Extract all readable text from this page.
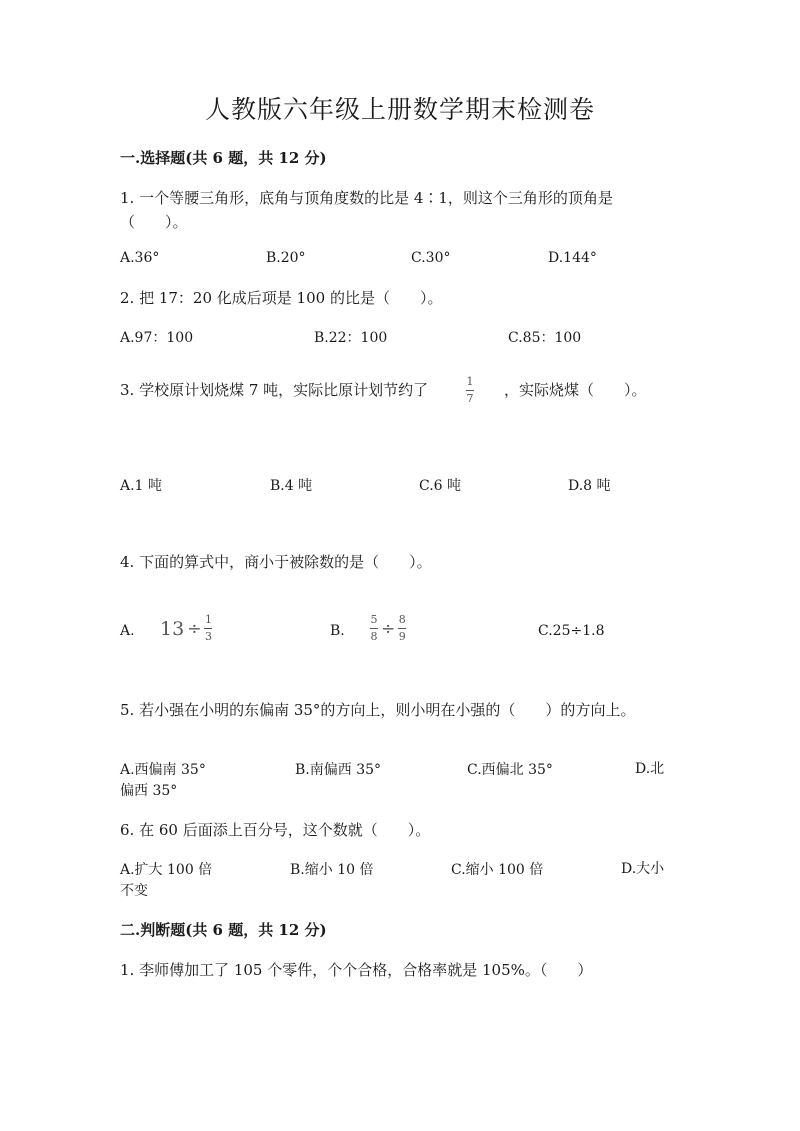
人教版六年级上册数学期末检测卷
一.选择题(共 6 题，共 12 分)
1. 一个等腰三角形，底角与顶角度数的比是 4∶1，则这个三角形的顶角是（　　）。
A.36°	B.20°	C.30°	D.144°
2. 把 17：20 化成后项是 100 的比是（　　）。
A.97：100	B.22：100	C.85：100
3. 学校原计划烧煤 7 吨，实际比原计划节约了	1
7 ，实际烧煤（　　）。
A.1 吨	B.4 吨	C.6 吨	D.8 吨
4. 下面的算式中，商小于被除数的是（　　）。
A. $13 \div \frac{1}{3}$	B. $\frac{5}{8} \div \frac{8}{9}$	C.25÷1.8
5. 若小强在小明的东偏南 35°的方向上，则小明在小强的（　　）的方向上。
A.西偏南 35°	B.南偏西 35°	C.西偏北 35°	D.北偏西 35°
6. 在 60 后面添上百分号，这个数就（　　）。
A.扩大 100 倍	B.缩小 10 倍	C.缩小 100 倍	D.大小不变
二.判断题(共 6 题，共 12 分)
1. 李师傅加工了 105 个零件，个个合格，合格率就是 105%。（　　）
